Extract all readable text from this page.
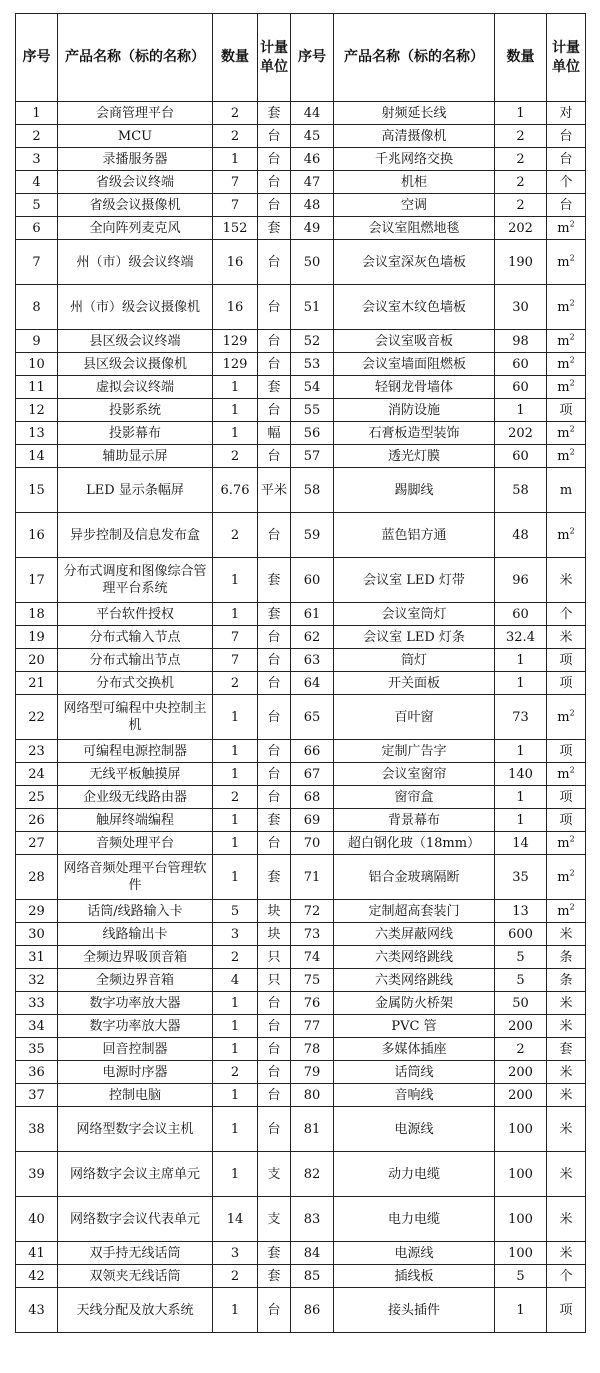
序号	产品名称（标的名称）	数量	计量单位	序号	产品名称（标的名称）	数量	计量单位
1	会商管理平台	2	套	44	射频延长线	1	对
2	MCU	2	台	45	高清摄像机	2	台
3	录播服务器	1	台	46	千兆网络交换	2	台
4	省级会议终端	7	台	47	机柜	2	个
5	省级会议摄像机	7	台	48	空调	2	台
6	全向阵列麦克风	152	套	49	会议室阻燃地毯	202	$m^2$
7	州（市）级会议终端	16	台	50	会议室深灰色墙板	190	$m^2$
8	州（市）级会议摄像机	16	台	51	会议室木纹色墙板	30	$m^2$
9	县区级会议终端	129	台	52	会议室吸音板	98	$m^2$
10	县区级会议摄像机	129	台	53	会议室墙面阻燃板	60	$m^2$
11	虚拟会议终端	1	套	54	轻钢龙骨墙体	60	$m^2$
12	投影系统	1	台	55	消防设施	1	项
13	投影幕布	1	幅	56	石膏板造型装饰	202	$m^2$
14	辅助显示屏	2	台	57	透光灯膜	60	$m^2$
15	LED 显示条幅屏	6.76	平米	58	踢脚线	58	m
16	异步控制及信息发布盒	2	台	59	蓝色铝方通	48	$m^2$
17	分布式调度和图像综合管理平台系统	1	套	60	会议室 LED 灯带	96	米
18	平台软件授权	1	套	61	会议室筒灯	60	个
19	分布式输入节点	7	台	62	会议室 LED 灯条	32.4	米
20	分布式输出节点	7	台	63	筒灯	1	项
21	分布式交换机	2	台	64	开关面板	1	项
22	网络型可编程中央控制主机	1	台	65	百叶窗	73	$m^2$
23	可编程电源控制器	1	台	66	定制广告字	1	项
24	无线平板触摸屏	1	台	67	会议室窗帘	140	$m^2$
25	企业级无线路由器	2	台	68	窗帘盒	1	项
26	触屏终端编程	1	套	69	背景幕布	1	项
27	音频处理平台	1	台	70	超白钢化玻（18mm）	14	$m^2$
28	网络音频处理平台管理软件	1	套	71	铝合金玻璃隔断	35	$m^2$
29	话筒/线路输入卡	5	块	72	定制超高套装门	13	$m^2$
30	线路输出卡	3	块	73	六类屏蔽网线	600	米
31	全频边界吸顶音箱	2	只	74	六类网络跳线	5	条
32	全频边界音箱	4	只	75	六类网络跳线	5	条
33	数字功率放大器	1	台	76	金属防火桥架	50	米
34	数字功率放大器	1	台	77	PVC 管	200	米
35	回音控制器	1	台	78	多媒体插座	2	套
36	电源时序器	2	台	79	话筒线	200	米
37	控制电脑	1	台	80	音响线	200	米
38	网络型数字会议主机	1	台	81	电源线	100	米
39	网络数字会议主席单元	1	支	82	动力电缆	100	米
40	网络数字会议代表单元	14	支	83	电力电缆	100	米
41	双手持无线话筒	3	套	84	电源线	100	米
42	双领夹无线话筒	2	套	85	插线板	5	个
43	天线分配及放大系统	1	台	86	接头插件	1	项
